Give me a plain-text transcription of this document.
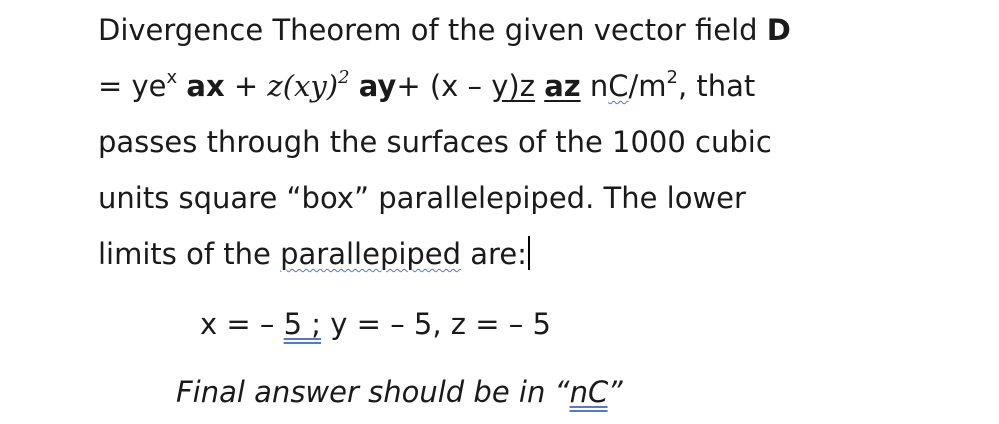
Divergence Theorem of the given vector field D
= $ye^x$ ax + z(xy)$^2$ ay+ (x – y)z az $nC/m^2$, that
passes through the surfaces of the 1000 cubic
units square “box” parallelepiped. The lower
limits of the parallepiped are:
x = – 5 ; y = – 5, z = – 5
Final answer should be in “nC”
